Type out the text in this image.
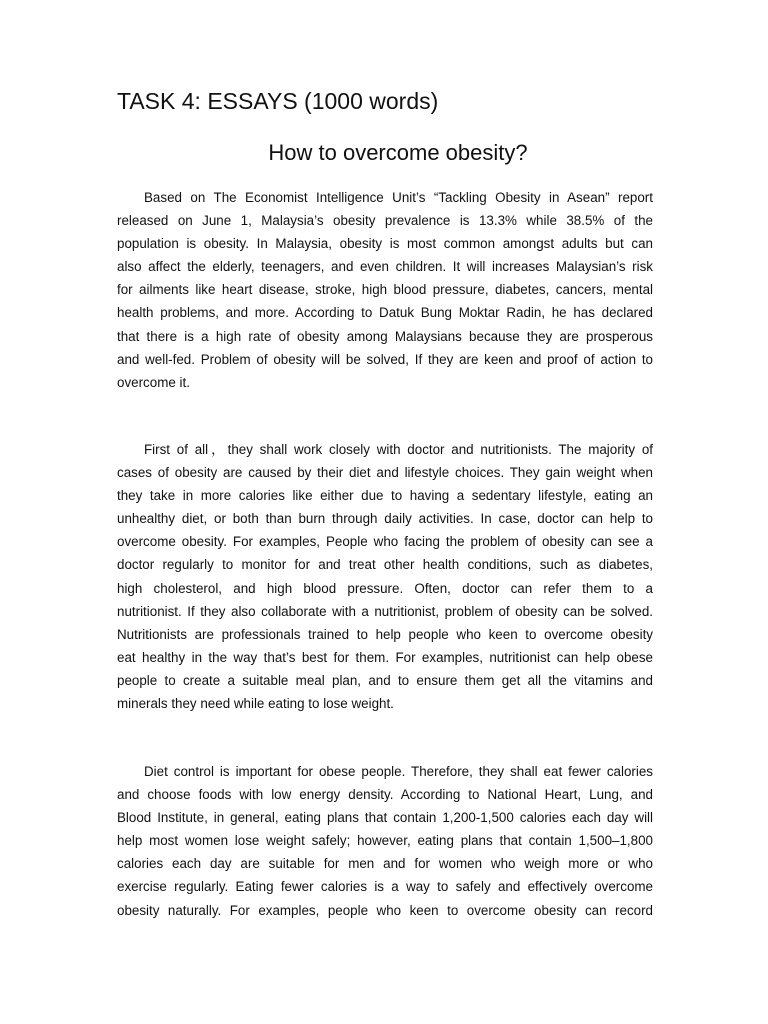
TASK 4: ESSAYS (1000 words)
How to overcome obesity?

Based on The Economist Intelligence Unit’s “Tackling Obesity in Asean” report
released on June 1, Malaysia’s obesity prevalence is 13.3% while 38.5% of the
population is obesity. In Malaysia, obesity is most common amongst adults but can
also affect the elderly, teenagers, and even children. It will increases Malaysian’s risk
for ailments like heart disease, stroke, high blood pressure, diabetes, cancers, mental
health problems, and more. According to Datuk Bung Moktar Radin, he has declared
that there is a high rate of obesity among Malaysians because they are prosperous
and well-fed. Problem of obesity will be solved, If they are keen and proof of action to
overcome it.

First of all，they shall work closely with doctor and nutritionists. The majority of
cases of obesity are caused by their diet and lifestyle choices. They gain weight when
they take in more calories like either due to having a sedentary lifestyle, eating an
unhealthy diet, or both than burn through daily activities. In case, doctor can help to
overcome obesity. For examples, People who facing the problem of obesity can see a
doctor regularly to monitor for and treat other health conditions, such as diabetes,
high cholesterol, and high blood pressure. Often, doctor can refer them to a
nutritionist. If they also collaborate with a nutritionist, problem of obesity can be solved.
Nutritionists are professionals trained to help people who keen to overcome obesity
eat healthy in the way that’s best for them. For examples, nutritionist can help obese
people to create a suitable meal plan, and to ensure them get all the vitamins and
minerals they need while eating to lose weight.

Diet control is important for obese people. Therefore, they shall eat fewer calories
and choose foods with low energy density. According to National Heart, Lung, and
Blood Institute, in general, eating plans that contain 1,200-1,500 calories each day will
help most women lose weight safely; however, eating plans that contain 1,500–1,800
calories each day are suitable for men and for women who weigh more or who
exercise regularly. Eating fewer calories is a way to safely and effectively overcome
obesity naturally. For examples, people who keen to overcome obesity can record
